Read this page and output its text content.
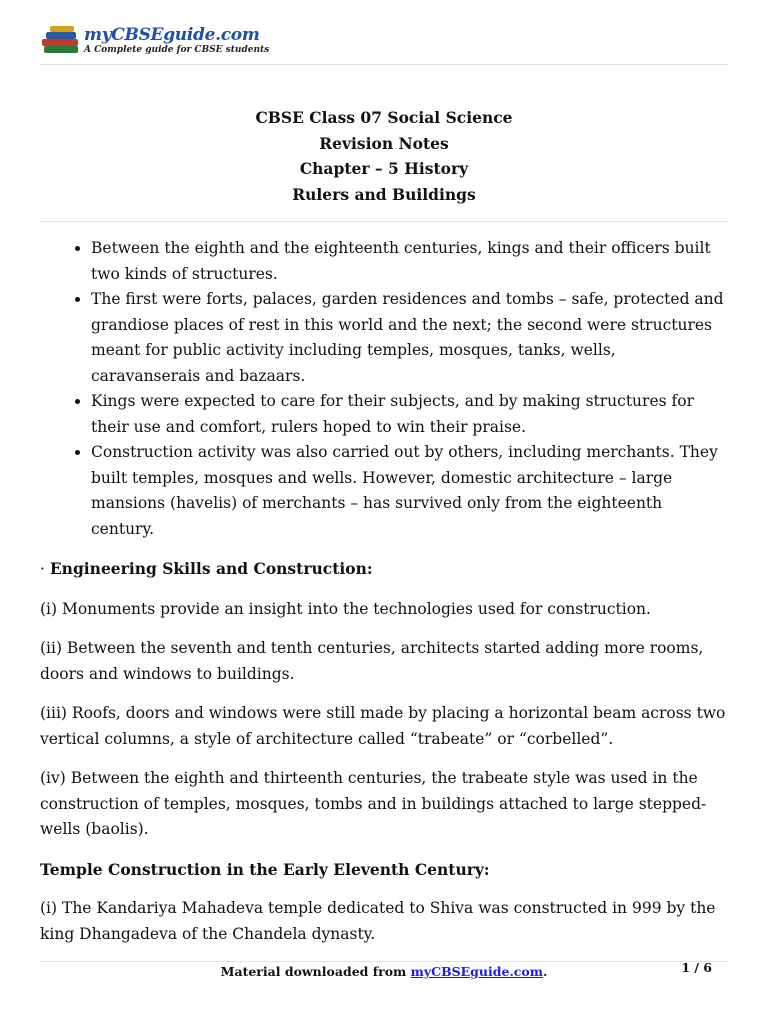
myCBSEguide.com
A Complete guide for CBSE students
CBSE Class 07 Social Science
Revision Notes
Chapter – 5 History
Rulers and Buildings
• Between the eighth and the eighteenth centuries, kings and their officers built two kinds of structures.
• The first were forts, palaces, garden residences and tombs – safe, protected and grandiose places of rest in this world and the next; the second were structures meant for public activity including temples, mosques, tanks, wells, caravanserais and bazaars.
• Kings were expected to care for their subjects, and by making structures for their use and comfort, rulers hoped to win their praise.
• Construction activity was also carried out by others, including merchants. They built temples, mosques and wells. However, domestic architecture – large mansions (havelis) of merchants – has survived only from the eighteenth century.

· Engineering Skills and Construction:

(i) Monuments provide an insight into the technologies used for construction.

(ii) Between the seventh and tenth centuries, architects started adding more rooms, doors and windows to buildings.

(iii) Roofs, doors and windows were still made by placing a horizontal beam across two vertical columns, a style of architecture called “trabeate” or “corbelled”.

(iv) Between the eighth and thirteenth centuries, the trabeate style was used in the construction of temples, mosques, tombs and in buildings attached to large stepped-wells (baolis).

Temple Construction in the Early Eleventh Century:

(i) The Kandariya Mahadeva temple dedicated to Shiva was constructed in 999 by the king Dhangadeva of the Chandela dynasty.

Material downloaded from myCBSEguide.com.	1 / 6
